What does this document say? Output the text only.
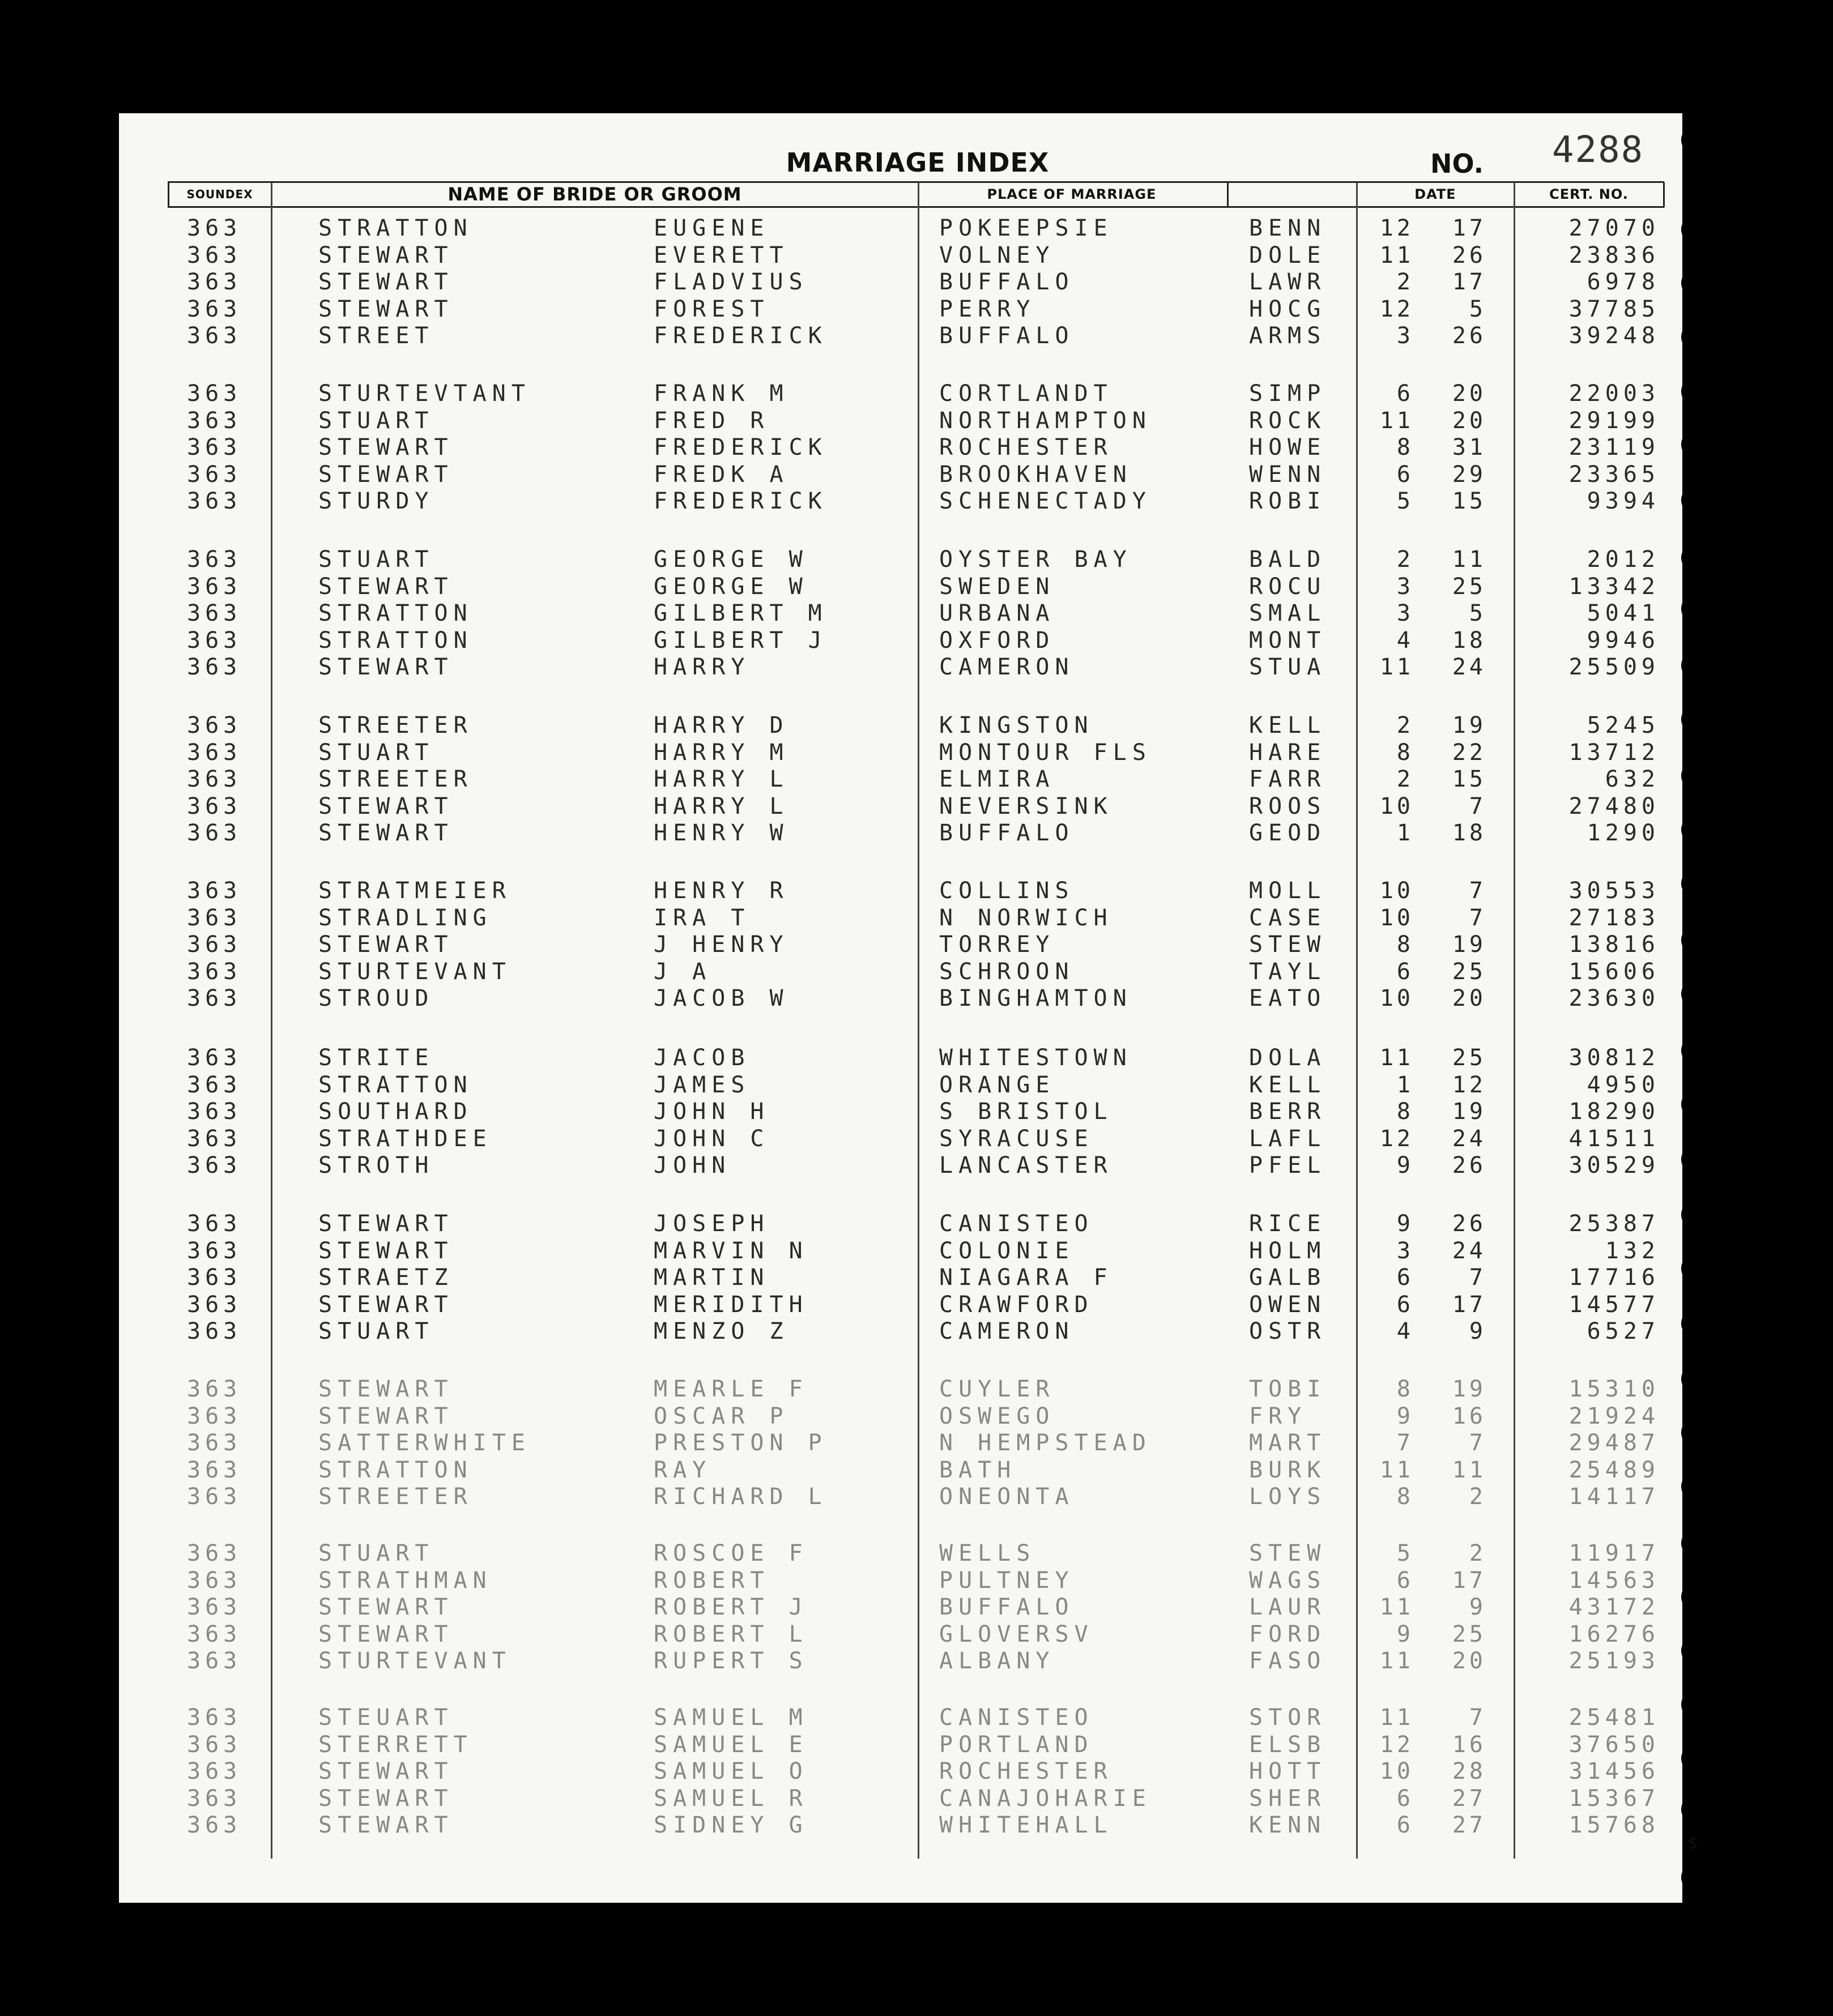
MARRIAGE INDEX	NO. 4288
SOUNDEX	NAME OF BRIDE OR GROOM	PLACE OF MARRIAGE	DATE	CERT. NO.
363	STRATTON	EUGENE	POKEEPSIE	BENN	12	17	27070
363	STEWART	EVERETT	VOLNEY	DOLE	11	26	23836
363	STEWART	FLADVIUS	BUFFALO	LAWR	2	17	6978
363	STEWART	FOREST	PERRY	HOCG	12	5	37785
363	STREET	FREDERICK	BUFFALO	ARMS	3	26	39248
363	STURTEVTANT	FRANK M	CORTLANDT	SIMP	6	20	22003
363	STUART	FRED R	NORTHAMPTON	ROCK	11	20	29199
363	STEWART	FREDERICK	ROCHESTER	HOWE	8	31	23119
363	STEWART	FREDK A	BROOKHAVEN	WENN	6	29	23365
363	STURDY	FREDERICK	SCHENECTADY	ROBI	5	15	9394
363	STUART	GEORGE W	OYSTER BAY	BALD	2	11	2012
363	STEWART	GEORGE W	SWEDEN	ROCU	3	25	13342
363	STRATTON	GILBERT M	URBANA	SMAL	3	5	5041
363	STRATTON	GILBERT J	OXFORD	MONT	4	18	9946
363	STEWART	HARRY	CAMERON	STUA	11	24	25509
363	STREETER	HARRY D	KINGSTON	KELL	2	19	5245
363	STUART	HARRY M	MONTOUR FLS	HARE	8	22	13712
363	STREETER	HARRY L	ELMIRA	FARR	2	15	632
363	STEWART	HARRY L	NEVERSINK	ROOS	10	7	27480
363	STEWART	HENRY W	BUFFALO	GEOD	1	18	1290
363	STRATMEIER	HENRY R	COLLINS	MOLL	10	7	30553
363	STRADLING	IRA T	N NORWICH	CASE	10	7	27183
363	STEWART	J HENRY	TORREY	STEW	8	19	13816
363	STURTEVANT	J A	SCHROON	TAYL	6	25	15606
363	STROUD	JACOB W	BINGHAMTON	EATO	10	20	23630
363	STRITE	JACOB	WHITESTOWN	DOLA	11	25	30812
363	STRATTON	JAMES	ORANGE	KELL	1	12	4950
363	SOUTHARD	JOHN H	S BRISTOL	BERR	8	19	18290
363	STRATHDEE	JOHN C	SYRACUSE	LAFL	12	24	41511
363	STROTH	JOHN	LANCASTER	PFEL	9	26	30529
363	STEWART	JOSEPH	CANISTEO	RICE	9	26	25387
363	STEWART	MARVIN N	COLONIE	HOLM	3	24	132
363	STRAETZ	MARTIN	NIAGARA F	GALB	6	7	17716
363	STEWART	MERIDITH	CRAWFORD	OWEN	6	17	14577
363	STUART	MENZO Z	CAMERON	OSTR	4	9	6527
363	STEWART	MEARLE F	CUYLER	TOBI	8	19	15310
363	STEWART	OSCAR P	OSWEGO	FRY	9	16	21924
363	SATTERWHITE	PRESTON P	N HEMPSTEAD	MART	7	7	29487
363	STRATTON	RAY	BATH	BURK	11	11	25489
363	STREETER	RICHARD L	ONEONTA	LOYS	8	2	14117
363	STUART	ROSCOE F	WELLS	STEW	5	2	11917
363	STRATHMAN	ROBERT	PULTNEY	WAGS	6	17	14563
363	STEWART	ROBERT J	BUFFALO	LAUR	11	9	43172
363	STEWART	ROBERT L	GLOVERSV	FORD	9	25	16276
363	STURTEVANT	RUPERT S	ALBANY	FASO	11	20	25193
363	STEUART	SAMUEL M	CANISTEO	STOR	11	7	25481
363	STERRETT	SAMUEL E	PORTLAND	ELSB	12	16	37650
363	STEWART	SAMUEL O	ROCHESTER	HOTT	10	28	31456
363	STEWART	SAMUEL R	CANAJOHARIE	SHER	6	27	15367
363	STEWART	SIDNEY G	WHITEHALL	KENN	6	27	15768
$
